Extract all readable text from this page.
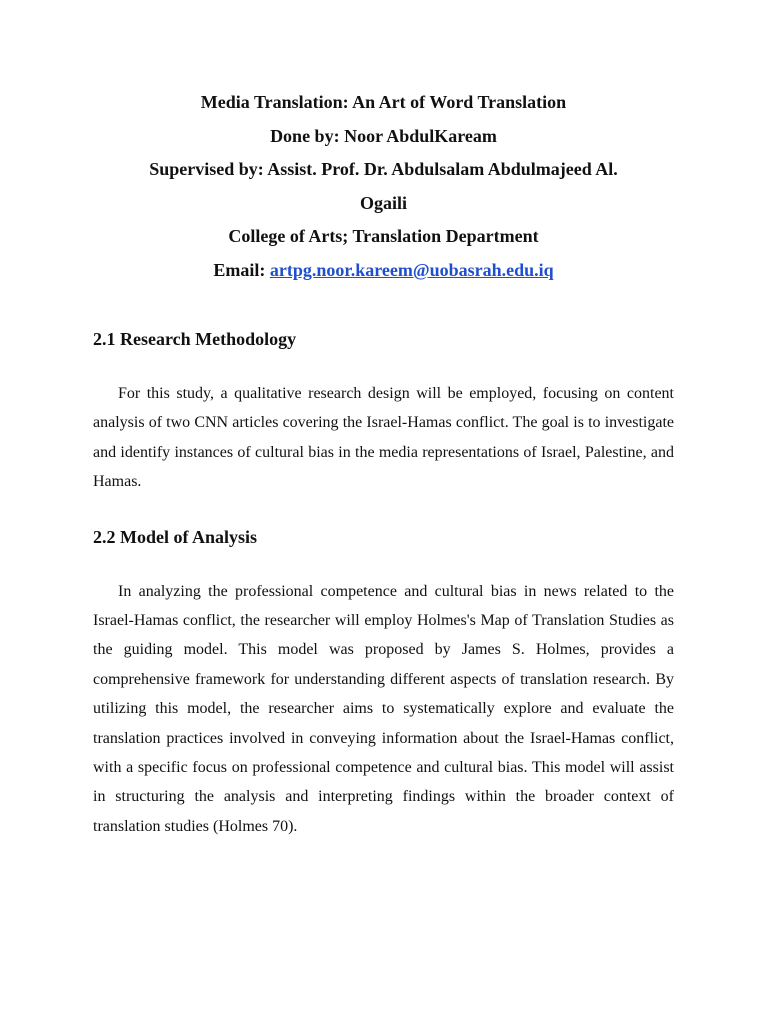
Media Translation: An Art of Word Translation
Done by: Noor AbdulKaream
Supervised by: Assist. Prof. Dr. Abdulsalam Abdulmajeed Al.
Ogaili
College of Arts; Translation Department
Email: artpg.noor.kareem@uobasrah.edu.iq
2.1 Research Methodology

For this study, a qualitative research design will be employed, focusing on content analysis of two CNN articles covering the Israel-Hamas conflict. The goal is to investigate and identify instances of cultural bias in the media representations of Israel, Palestine, and Hamas.

2.2 Model of Analysis

In analyzing the professional competence and cultural bias in news related to the Israel-Hamas conflict, the researcher will employ Holmes's Map of Translation Studies as the guiding model. This model was proposed by James S. Holmes, provides a comprehensive framework for understanding different aspects of translation research. By utilizing this model, the researcher aims to systematically explore and evaluate the translation practices involved in conveying information about the Israel-Hamas conflict, with a specific focus on professional competence and cultural bias. This model will assist in structuring the analysis and interpreting findings within the broader context of translation studies (Holmes 70).
